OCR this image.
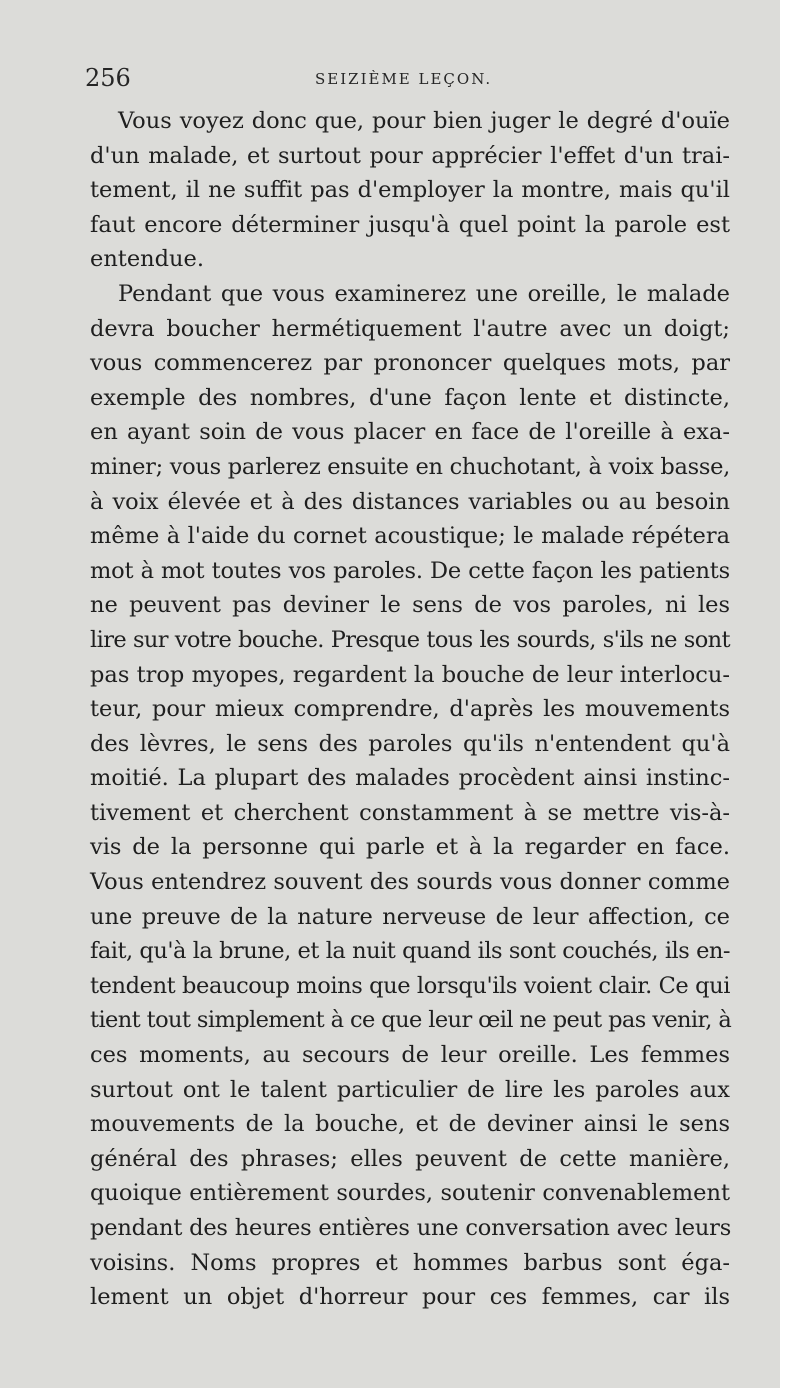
256	SEIZIÈME LEÇON.
Vous voyez donc que, pour bien juger le degré d'ouïe
d'un malade, et surtout pour apprécier l'effet d'un trai-
tement, il ne suffit pas d'employer la montre, mais qu'il
faut encore déterminer jusqu'à quel point la parole est
entendue.
Pendant que vous examinerez une oreille, le malade
devra boucher hermétiquement l'autre avec un doigt;
vous commencerez par prononcer quelques mots, par
exemple des nombres, d'une façon lente et distincte,
en ayant soin de vous placer en face de l'oreille à exa-
miner; vous parlerez ensuite en chuchotant, à voix basse,
à voix élevée et à des distances variables ou au besoin
même à l'aide du cornet acoustique; le malade répétera
mot à mot toutes vos paroles. De cette façon les patients
ne peuvent pas deviner le sens de vos paroles, ni les
lire sur votre bouche. Presque tous les sourds, s'ils ne sont
pas trop myopes, regardent la bouche de leur interlocu-
teur, pour mieux comprendre, d'après les mouvements
des lèvres, le sens des paroles qu'ils n'entendent qu'à
moitié. La plupart des malades procèdent ainsi instinc-
tivement et cherchent constamment à se mettre vis-à-
vis de la personne qui parle et à la regarder en face.
Vous entendrez souvent des sourds vous donner comme
une preuve de la nature nerveuse de leur affection, ce
fait, qu'à la brune, et la nuit quand ils sont couchés, ils en-
tendent beaucoup moins que lorsqu'ils voient clair. Ce qui
tient tout simplement à ce que leur œil ne peut pas venir, à
ces moments, au secours de leur oreille. Les femmes
surtout ont le talent particulier de lire les paroles aux
mouvements de la bouche, et de deviner ainsi le sens
général des phrases; elles peuvent de cette manière,
quoique entièrement sourdes, soutenir convenablement
pendant des heures entières une conversation avec leurs
voisins. Noms propres et hommes barbus sont éga-
lement un objet d'horreur pour ces femmes, car ils
